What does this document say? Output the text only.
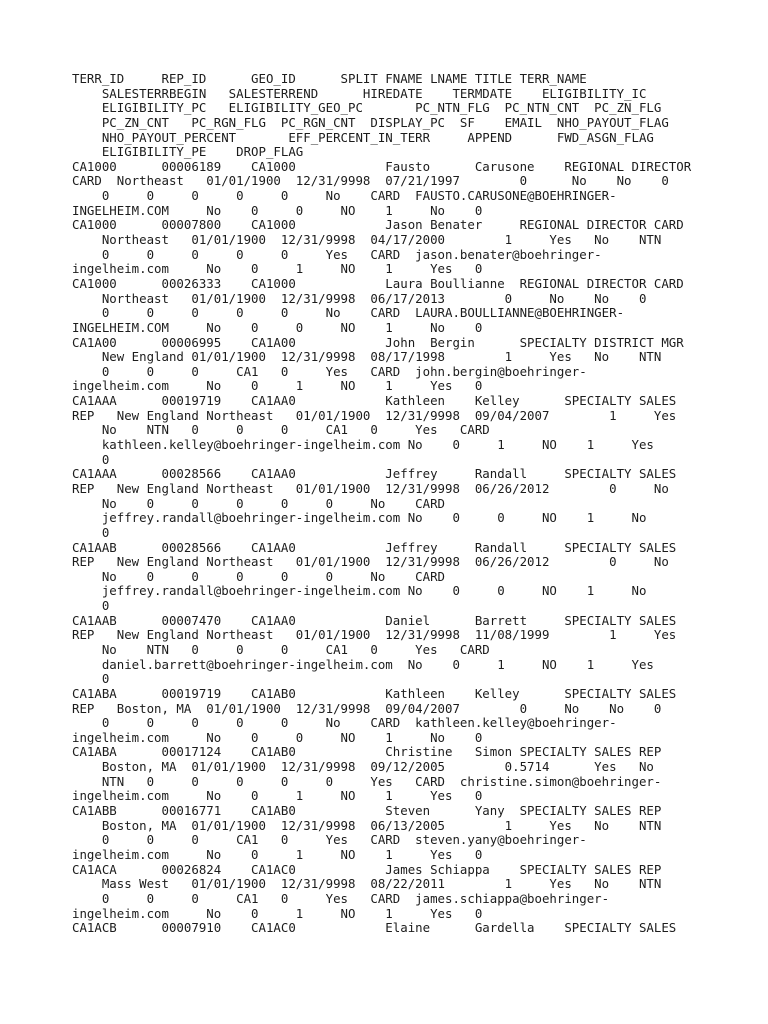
TERR_ID     REP_ID      GEO_ID      SPLIT FNAME LNAME TITLE TERR_NAME
SALESTERRBEGIN   SALESTERREND      HIREDATE    TERMDATE    ELIGIBILITY_IC
ELIGIBILITY_PC   ELIGIBILITY_GEO_PC       PC_NTN_FLG  PC_NTN_CNT  PC_ZN_FLG
PC_ZN_CNT   PC_RGN_FLG  PC_RGN_CNT  DISPLAY_PC  SF    EMAIL  NHO_PAYOUT_FLAG
NHO_PAYOUT_PERCENT       EFF_PERCENT_IN_TERR     APPEND      FWD_ASGN_FLAG
ELIGIBILITY_PE    DROP_FLAG
CA1000      00006189    CA1000            Fausto      Carusone    REGIONAL DIRECTOR
CARD  Northeast   01/01/1900  12/31/9998  07/21/1997        0      No    No    0
0     0     0     0     0     No    CARD  FAUSTO.CARUSONE@BOEHRINGER-
INGELHEIM.COM     No    0     0     NO    1     No    0
CA1000      00007800    CA1000            Jason Benater     REGIONAL DIRECTOR CARD
Northeast   01/01/1900  12/31/9998  04/17/2000        1     Yes   No    NTN
0     0     0     0     0     Yes   CARD  jason.benater@boehringer-
ingelheim.com     No    0     1     NO    1     Yes   0
CA1000      00026333    CA1000            Laura Boullianne  REGIONAL DIRECTOR CARD
Northeast   01/01/1900  12/31/9998  06/17/2013        0     No    No    0
0     0     0     0     0     No    CARD  LAURA.BOULLIANNE@BOEHRINGER-
INGELHEIM.COM     No    0     0     NO    1     No    0
CA1A00      00006995    CA1A00            John  Bergin      SPECIALTY DISTRICT MGR
New England 01/01/1900  12/31/9998  08/17/1998        1     Yes   No    NTN
0     0     0     CA1   0     Yes   CARD  john.bergin@boehringer-
ingelheim.com     No    0     1     NO    1     Yes   0
CA1AAA      00019719    CA1AA0            Kathleen    Kelley      SPECIALTY SALES
REP   New England Northeast   01/01/1900  12/31/9998  09/04/2007        1     Yes
No    NTN   0     0     0     CA1   0     Yes   CARD
kathleen.kelley@boehringer-ingelheim.com No    0     1     NO    1     Yes
0
CA1AAA      00028566    CA1AA0            Jeffrey     Randall     SPECIALTY SALES
REP   New England Northeast   01/01/1900  12/31/9998  06/26/2012        0     No
No    0     0     0     0     0     No    CARD
jeffrey.randall@boehringer-ingelheim.com No    0     0     NO    1     No
0
CA1AAB      00028566    CA1AA0            Jeffrey     Randall     SPECIALTY SALES
REP   New England Northeast   01/01/1900  12/31/9998  06/26/2012        0     No
No    0     0     0     0     0     No    CARD
jeffrey.randall@boehringer-ingelheim.com No    0     0     NO    1     No
0
CA1AAB      00007470    CA1AA0            Daniel      Barrett     SPECIALTY SALES
REP   New England Northeast   01/01/1900  12/31/9998  11/08/1999        1     Yes
No    NTN   0     0     0     CA1   0     Yes   CARD
daniel.barrett@boehringer-ingelheim.com  No    0     1     NO    1     Yes
0
CA1ABA      00019719    CA1AB0            Kathleen    Kelley      SPECIALTY SALES
REP   Boston, MA  01/01/1900  12/31/9998  09/04/2007        0     No    No    0
0     0     0     0     0     No    CARD  kathleen.kelley@boehringer-
ingelheim.com     No    0     0     NO    1     No    0
CA1ABA      00017124    CA1AB0            Christine   Simon SPECIALTY SALES REP
Boston, MA  01/01/1900  12/31/9998  09/12/2005        0.5714      Yes   No
NTN   0     0     0     0     0     Yes   CARD  christine.simon@boehringer-
ingelheim.com     No    0     1     NO    1     Yes   0
CA1ABB      00016771    CA1AB0            Steven      Yany  SPECIALTY SALES REP
Boston, MA  01/01/1900  12/31/9998  06/13/2005        1     Yes   No    NTN
0     0     0     CA1   0     Yes   CARD  steven.yany@boehringer-
ingelheim.com     No    0     1     NO    1     Yes   0
CA1ACA      00026824    CA1AC0            James Schiappa    SPECIALTY SALES REP
Mass West   01/01/1900  12/31/9998  08/22/2011        1     Yes   No    NTN
0     0     0     CA1   0     Yes   CARD  james.schiappa@boehringer-
ingelheim.com     No    0     1     NO    1     Yes   0
CA1ACB      00007910    CA1AC0            Elaine      Gardella    SPECIALTY SALES
